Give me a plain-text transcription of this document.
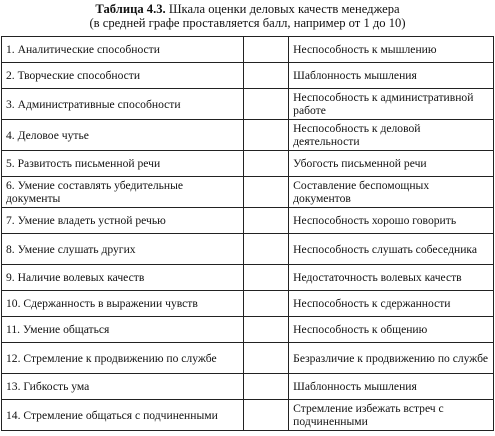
Таблица 4.3. Шкала оценки деловых качеств менеджера
(в средней графе проставляется балл, например от 1 до 10)
1. Аналитические способности		Неспособность к мышлению
2. Творческие способности		Шаблонность мышления
3. Административные способности		Неспособность к административной работе
4. Деловое чутье		Неспособность к деловой деятельности
5. Развитость письменной речи		Убогость письменной речи
6. Умение составлять убедительные документы		Составление беспомощных документов
7. Умение владеть устной речью		Неспособность хорошо говорить
8. Умение слушать других		Неспособность слушать собеседника
9. Наличие волевых качеств		Недостаточность волевых качеств
10. Сдержанность в выражении чувств		Неспособность к сдержанности
11. Умение общаться		Неспособность к общению
12. Стремление к продвижению по службе		Безразличие к продвижению по службе
13. Гибкость ума		Шаблонность мышления
14. Стремление общаться с подчиненными		Стремление избежать встреч с подчиненными
